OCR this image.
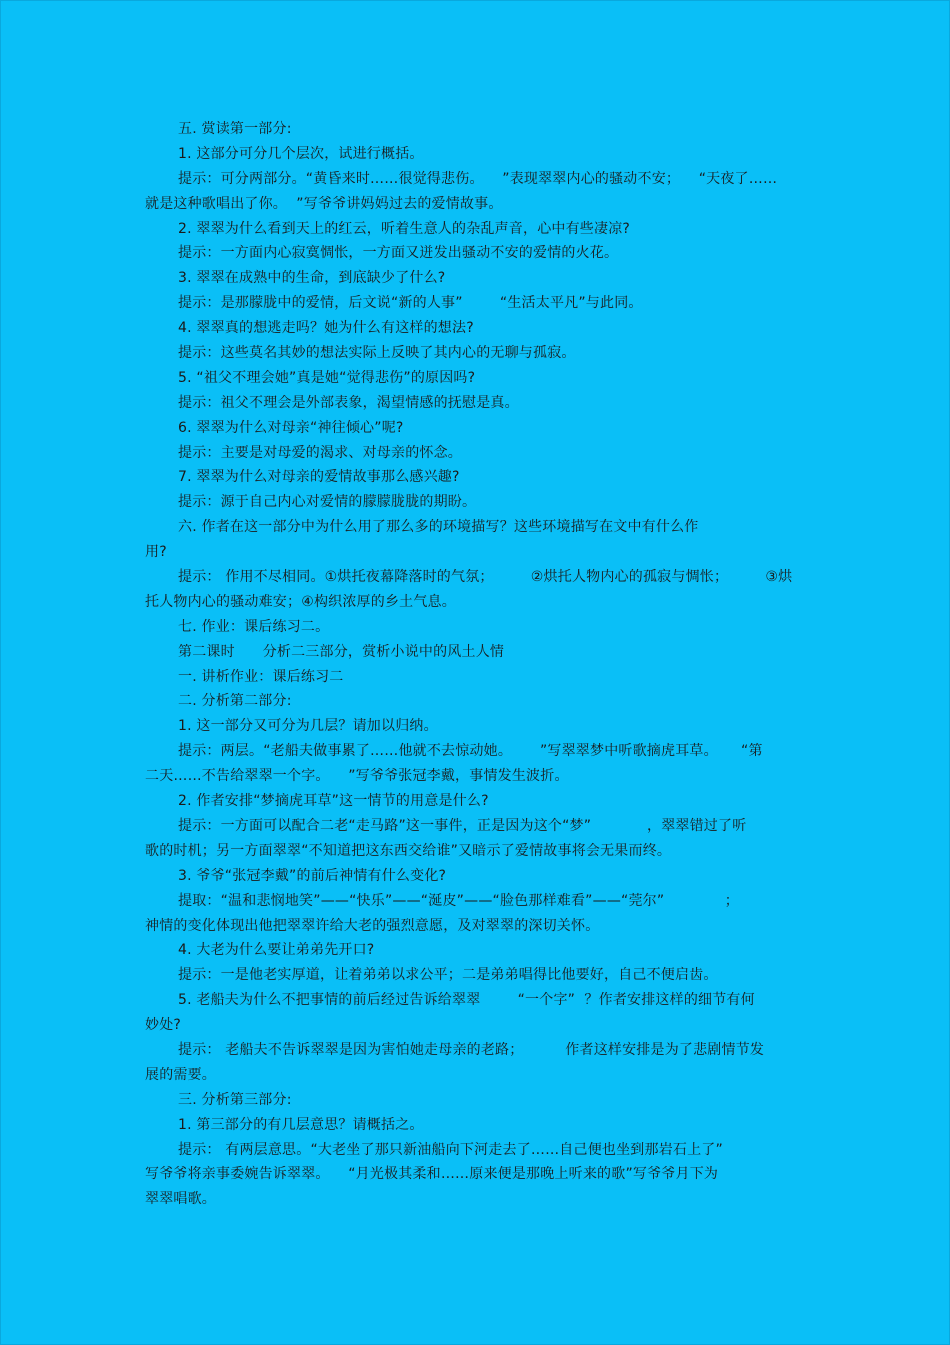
五. 赏读第一部分:
1. 这部分可分几个层次，试进行概括。
提示：可分两部分。“黄昏来时……很觉得悲伤。    ”表现翠翠内心的骚动不安；    “天夜了……
就是这种歌唱出了你。  ”写爷爷讲妈妈过去的爱情故事。
2. 翠翠为什么看到天上的红云，听着生意人的杂乱声音，心中有些凄凉?
提示：一方面内心寂寞惆怅，一方面又迸发出骚动不安的爱情的火花。
3. 翠翠在成熟中的生命，到底缺少了什么?
提示：是那朦胧中的爱情，后文说“新的人事”        “生活太平凡”与此同。
4. 翠翠真的想逃走吗？她为什么有这样的想法?
提示：这些莫名其妙的想法实际上反映了其内心的无聊与孤寂。
5. “祖父不理会她”真是她“觉得悲伤”的原因吗?
提示：祖父不理会是外部表象，渴望情感的抚慰是真。
6. 翠翠为什么对母亲“神往倾心”呢?
提示：主要是对母爱的渴求、对母亲的怀念。
7. 翠翠为什么对母亲的爱情故事那么感兴趣?
提示：源于自己内心对爱情的朦朦胧胧的期盼。
六. 作者在这一部分中为什么用了那么多的环境描写？这些环境描写在文中有什么作
用?
提示： 作用不尽相同。①烘托夜幕降落时的气氛；        ②烘托人物内心的孤寂与惆怅；        ③烘
托人物内心的骚动难安；④构织浓厚的乡土气息。
七. 作业：课后练习二。
第二课时      分析二三部分，赏析小说中的风土人情
一. 讲析作业：课后练习二
二. 分析第二部分:
1. 这一部分又可分为几层？请加以归纳。
提示：两层。“老船夫做事累了……他就不去惊动她。      ”写翠翠梦中听歌摘虎耳草。     “第
二天……不告给翠翠一个字。    ”写爷爷张冠李戴，事情发生波折。
2. 作者安排“梦摘虎耳草”这一情节的用意是什么?
提示：一方面可以配合二老“走马路”这一事件，正是因为这个“梦”            ，翠翠错过了听
歌的时机；另一方面翠翠“不知道把这东西交给谁”又暗示了爱情故事将会无果而终。
3. 爷爷“张冠李戴”的前后神情有什么变化?
提取：“温和悲悯地笑”——“快乐”——“涎皮”——“脸色那样难看”——“莞尔”             ；
神情的变化体现出他把翠翠许给大老的强烈意愿，及对翠翠的深切关怀。
4. 大老为什么要让弟弟先开口?
提示：一是他老实厚道，让着弟弟以求公平；二是弟弟唱得比他要好，自己不便启齿。
5. 老船夫为什么不把事情的前后经过告诉给翠翠        “一个字”  ？作者安排这样的细节有何
妙处?
提示： 老船夫不告诉翠翠是因为害怕她走母亲的老路；         作者这样安排是为了悲剧情节发
展的需要。
三. 分析第三部分:
1. 第三部分的有几层意思？请概括之。
提示： 有两层意思。“大老坐了那只新油船向下河走去了……自己便也坐到那岩石上了”
写爷爷将亲事委婉告诉翠翠。    “月光极其柔和……原来便是那晚上听来的歌”写爷爷月下为
翠翠唱歌。
